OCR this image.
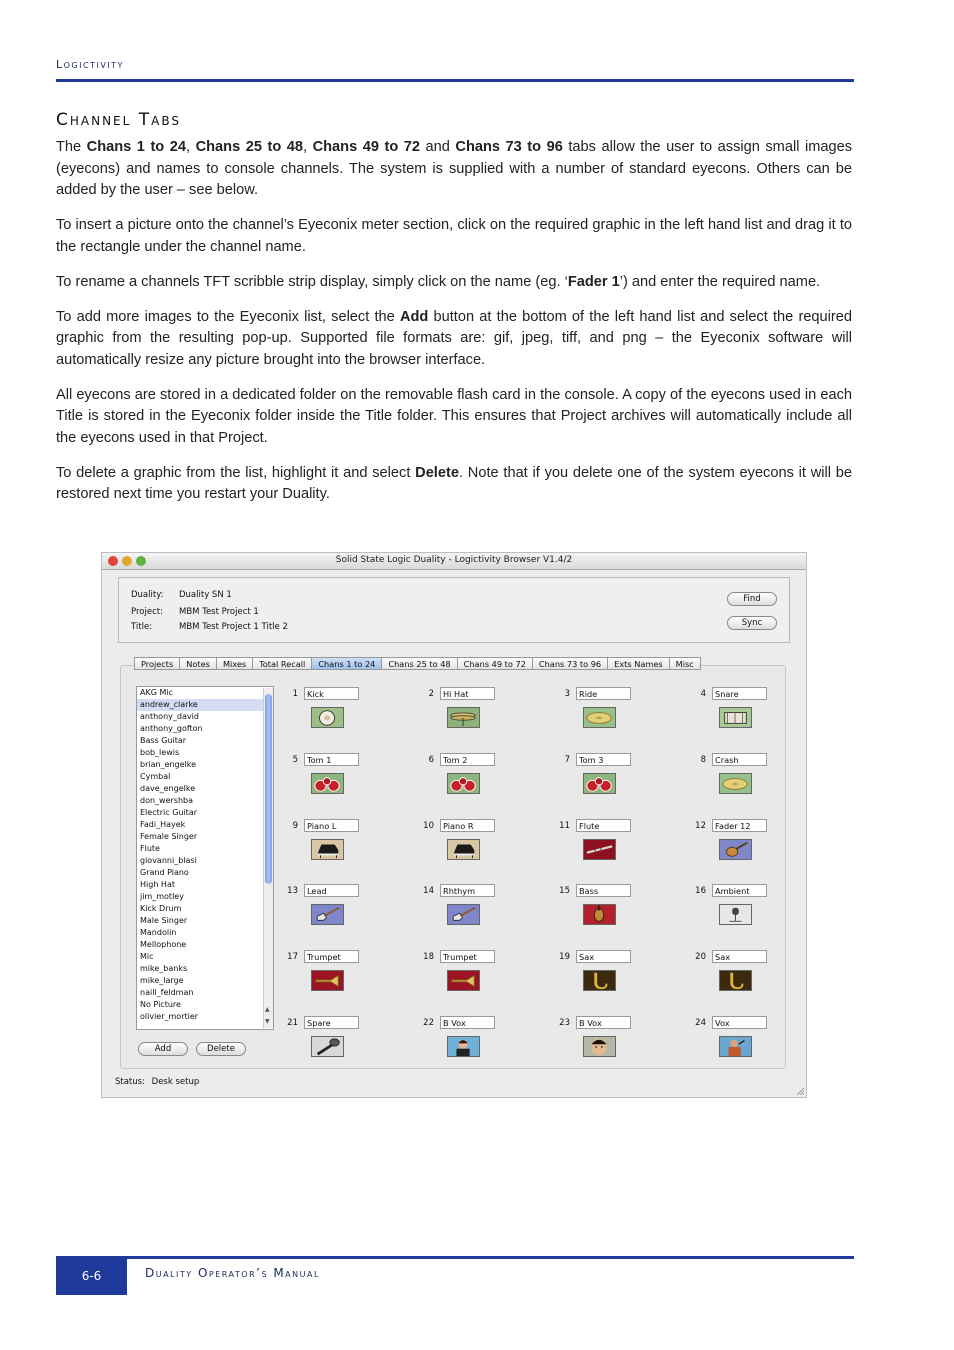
Logictivity
Channel Tabs

The Chans 1 to 24, Chans 25 to 48, Chans 49 to 72 and Chans 73 to 96 tabs allow the user to assign small images (eyecons) and names to console channels. The system is supplied with a number of standard eyecons. Others can be added by the user – see below.

To insert a picture onto the channel’s Eyeconix meter section, click on the required graphic in the left hand list and drag it to the rectangle under the channel name.

To rename a channels TFT scribble strip display, simply click on the name (eg. ‘Fader 1’) and enter the required name.

To add more images to the Eyeconix list, select the Add button at the bottom of the left hand list and select the required graphic from the resulting pop-up. Supported file formats are: gif, jpeg, tiff, and png – the Eyeconix software will automatically resize any picture brought into the browser interface.

All eyecons are stored in a dedicated folder on the removable flash card in the console. A copy of the eyecons used in each Title is stored in the Eyeconix folder inside the Title folder. This ensures that Project archives will automatically include all the eyecons used in that Project.

To delete a graphic from the list, highlight it and select Delete. Note that if you delete one of the system eyecons it will be restored next time you restart your Duality.

Solid State Logic Duality - Logictivity Browser V1.4/2
Duality: Duality SN 1
Project: MBM Test Project 1
Title:	MBM Test Project 1 Title 2
Find
Sync
Projects	Notes	Mixes	Total Recall	Chans 1 to 24	Chans 25 to 48	Chans 49 to 72	Chans 73 to 96	Exts Names	Misc
AKG Mic
andrew_clarke
anthony_david
anthony_gofton
Bass Guitar
bob_lewis
brian_engelke
Cymbal
dave_engelke
don_wershba
Electric Guitar
Fadi_Hayek
Female Singer
Flute
giovanni_blasi
Grand Piano
High Hat
jim_motley
Kick Drum
Male Singer
Mandolin
Mellophone
Mic
mike_banks
mike_large
naill_feldman
No Picture
olivier_mortier
▲
▼
Add	Delete
1	Kick	2	Hi Hat	3	Ride	4	Snare
5	Tom 1	6	Tom 2	7	Tom 3	8	Crash
9	Piano L	10	Piano R	11	Flute	12	Fader 12
13	Lead	14	Rhthym	15	Bass	16	Ambient
17	Trumpet	18	Trumpet	19	Sax	20	Sax
21	Spare	22	B Vox	23	B Vox	24	Vox
Status: Desk setup
6-6	Duality Operator’s Manual
